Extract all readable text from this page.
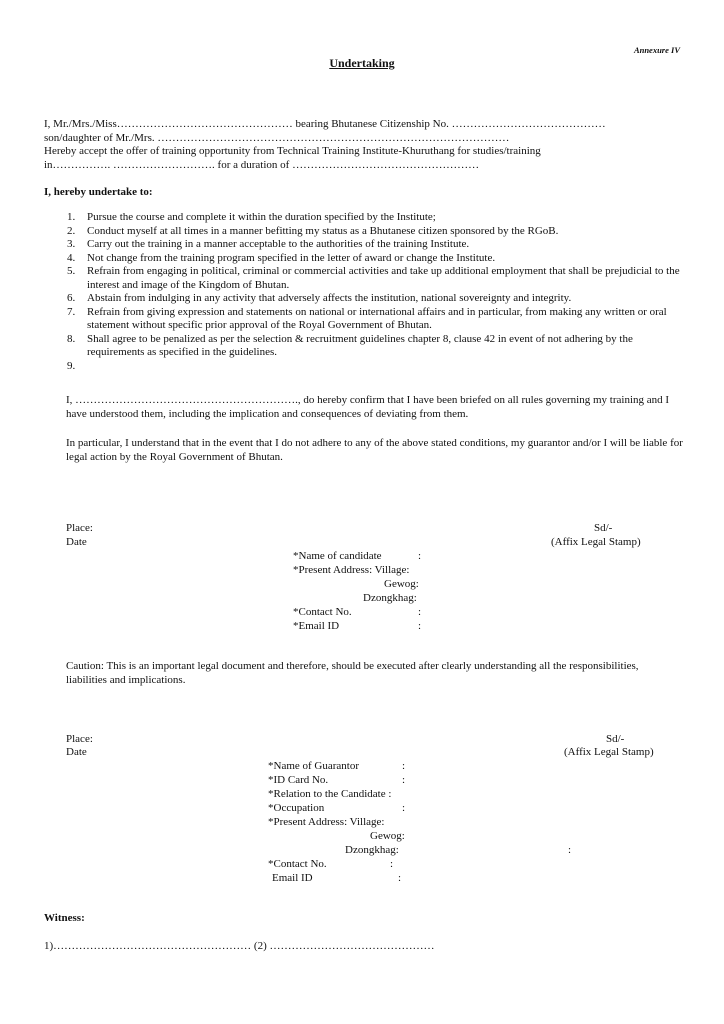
Annexure IV
Undertaking
I, Mr./Mrs./Miss………………………………………… bearing Bhutanese Citizenship No. ……………………………………
son/daughter of Mr./Mrs. ……………………………………………………………………………………
Hereby accept the offer of training opportunity from Technical Training Institute-Khuruthang for studies/training
in……………. ………………………. for a duration of ……………………………………………
I, hereby undertake to:
1. Pursue the course and complete it within the duration specified by the Institute;
2. Conduct myself at all times in a manner befitting my status as a Bhutanese citizen sponsored by the RGoB.
3. Carry out the training in a manner acceptable to the authorities of the training Institute.
4. Not change from the training program specified in the letter of award or change the Institute.
5. Refrain from engaging in political, criminal or commercial activities and take up additional employment that shall be prejudicial to the interest and image of the Kingdom of Bhutan.
6. Abstain from indulging in any activity that adversely affects the institution, national sovereignty and integrity.
7. Refrain from giving expression and statements on national or international affairs and in particular, from making any written or oral statement without specific prior approval of the Royal Government of Bhutan.
8. Shall agree to be penalized as per the selection & recruitment guidelines chapter 8, clause 42 in event of not adhering by the requirements as specified in the guidelines.
9.
I, ……………………………………………………., do hereby confirm that I have been briefed on all rules governing my training and I have understood them, including the implication and consequences of deviating from them.
In particular, I understand that in the event that I do not adhere to any of the above stated conditions, my guarantor and/or I will be liable for legal action by the Royal Government of Bhutan.
Place:
Date
Sd/-
(Affix Legal Stamp)
*Name of candidate	:
*Present Address: Village:
Gewog:
Dzongkhag:
*Contact No.	:
*Email ID	:
Caution: This is an important legal document and therefore, should be executed after clearly understanding all the responsibilities, liabilities and implications.
Place:
Date
Sd/-
(Affix Legal Stamp)
*Name of Guarantor	:
*ID Card No.	:
*Relation to the Candidate :
*Occupation	:
*Present Address: Village:
Gewog:
Dzongkhag:	:
*Contact No.	:
Email ID	:
Witness:
1)……………………………………………… (2) ………………………………………
